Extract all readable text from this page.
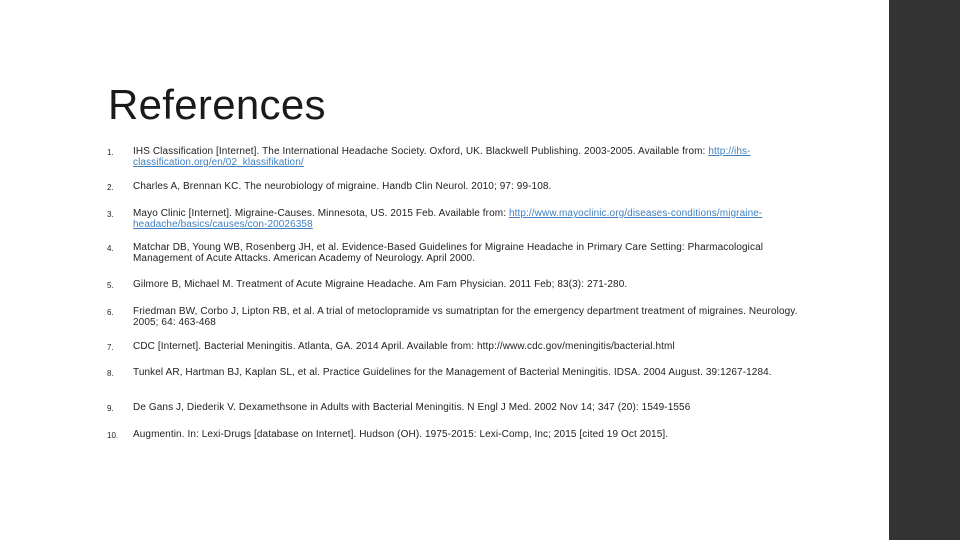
References
1.	IHS Classification [Internet]. The International Headache Society. Oxford, UK. Blackwell Publishing. 2003-2005. Available from: http://ihs-classification.org/en/02_klassifikation/
2.	Charles A, Brennan KC. The neurobiology of migraine. Handb Clin Neurol. 2010; 97: 99-108.
3.	Mayo Clinic [Internet]. Migraine-Causes. Minnesota, US. 2015 Feb. Available from: http://www.mayoclinic.org/diseases-conditions/migraine-headache/basics/causes/con-20026358
4.	Matchar DB, Young WB, Rosenberg JH, et al. Evidence-Based Guidelines for Migraine Headache in Primary Care Setting: Pharmacological Management of Acute Attacks. American Academy of Neurology. April 2000.
5.	Gilmore B, Michael M. Treatment of Acute Migraine Headache. Am Fam Physician. 2011 Feb; 83(3): 271-280.
6.	Friedman BW, Corbo J, Lipton RB, et al. A trial of metoclopramide vs sumatriptan for the emergency department treatment of migraines. Neurology. 2005; 64: 463-468
7.	CDC [Internet]. Bacterial Meningitis. Atlanta, GA. 2014 April. Available from: http://www.cdc.gov/meningitis/bacterial.html
8.	Tunkel AR, Hartman BJ, Kaplan SL, et al. Practice Guidelines for the Management of Bacterial Meningitis. IDSA. 2004 August. 39:1267-1284.
9.	De Gans J, Diederik V. Dexamethsone in Adults with Bacterial Meningitis. N Engl J Med. 2002 Nov 14; 347 (20): 1549-1556
10.	Augmentin. In: Lexi-Drugs [database on Internet]. Hudson (OH). 1975-2015: Lexi-Comp, Inc; 2015 [cited 19 Oct 2015].
